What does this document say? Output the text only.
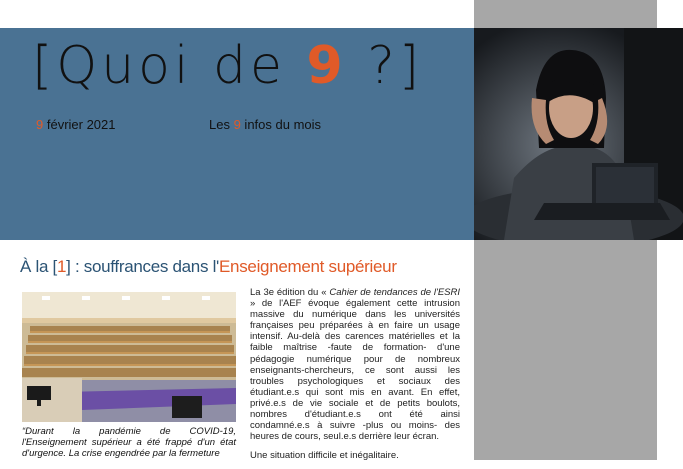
[Quoi de 9 ?]
9 février 2021	Les 9 infos du mois
À la [1] : souffrances dans l'Enseignement supérieur
“Durant la pandémie de COVID-19, l'Enseignement supérieur a été frappé d'un état d'urgence. La crise engendrée par la fermeture

La 3e édition du « Cahier de tendances de l'ESRI » de l'AEF évoque également cette intrusion massive du numérique dans les universités françaises peu préparées à en faire un usage intensif. Au-delà des carences matérielles et la faible maîtrise -faute de formation- d'une pédagogie numérique pour de nombreux enseignants-chercheurs, ce sont aussi les troubles psychologiques et sociaux des étudiant.e.s qui sont mis en avant. En effet, privé.e.s de vie sociale et de petits boulots, nombres d'étudiant.e.s ont été ainsi condamné.e.s à suivre -plus ou moins- des heures de cours, seul.e.s derrière leur écran.

Une situation difficile et inégalitaire.
